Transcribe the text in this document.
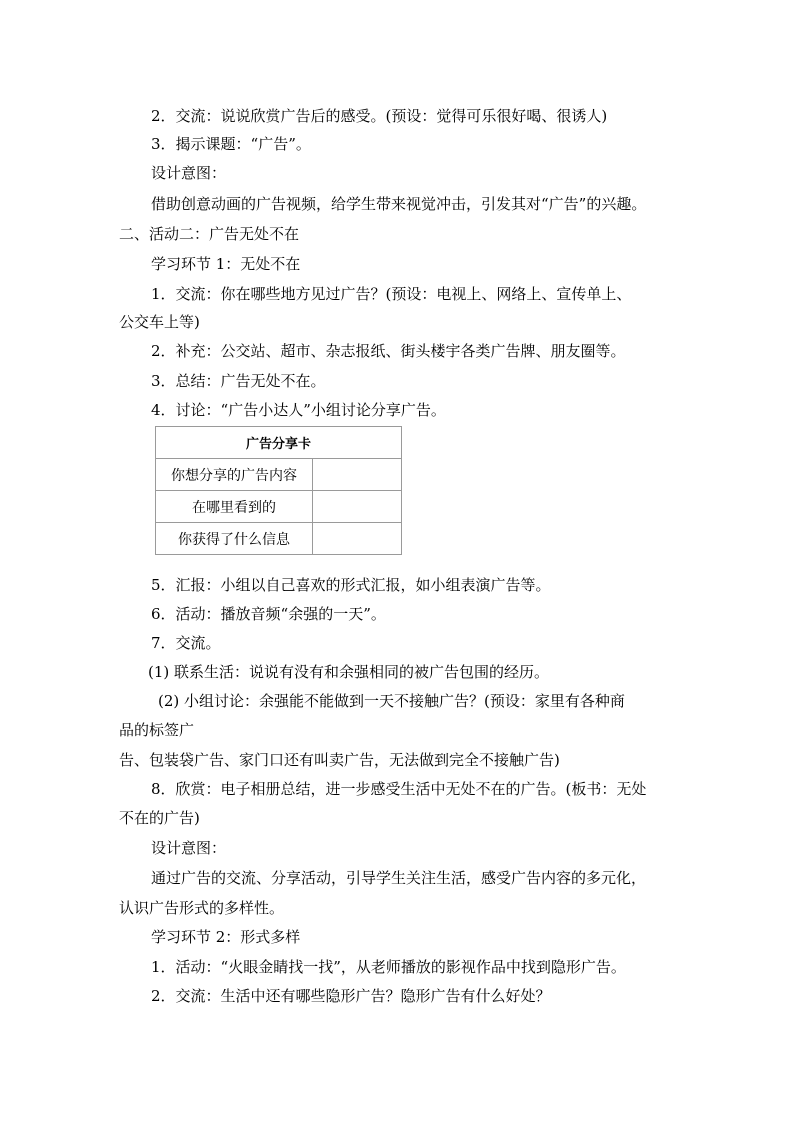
2．交流：说说欣赏广告后的感受。(预设：觉得可乐很好喝、很诱人)
3．揭示课题：“广告”。
设计意图：
借助创意动画的广告视频，给学生带来视觉冲击，引发其对“广告”的兴趣。
二、活动二：广告无处不在
学习环节 1：无处不在
1．交流：你在哪些地方见过广告？(预设：电视上、网络上、宣传单上、
公交车上等)
2．补充：公交站、超市、杂志报纸、街头楼宇各类广告牌、朋友圈等。
3．总结：广告无处不在。
4．讨论：“广告小达人”小组讨论分享广告。
广告分享卡	
你想分享的广告内容	
在哪里看到的	
你获得了什么信息	
5．汇报：小组以自己喜欢的形式汇报，如小组表演广告等。
6．活动：播放音频“余强的一天”。
7．交流。
(1) 联系生活：说说有没有和余强相同的被广告包围的经历。
(2) 小组讨论：余强能不能做到一天不接触广告？(预设：家里有各种商
品的标签广
告、包装袋广告、家门口还有叫卖广告，无法做到完全不接触广告)
8．欣赏：电子相册总结，进一步感受生活中无处不在的广告。(板书：无处
不在的广告)
设计意图：
通过广告的交流、分享活动，引导学生关注生活，感受广告内容的多元化，
认识广告形式的多样性。
学习环节 2：形式多样
1．活动：“火眼金睛找一找”，从老师播放的影视作品中找到隐形广告。
2．交流：生活中还有哪些隐形广告？隐形广告有什么好处？
